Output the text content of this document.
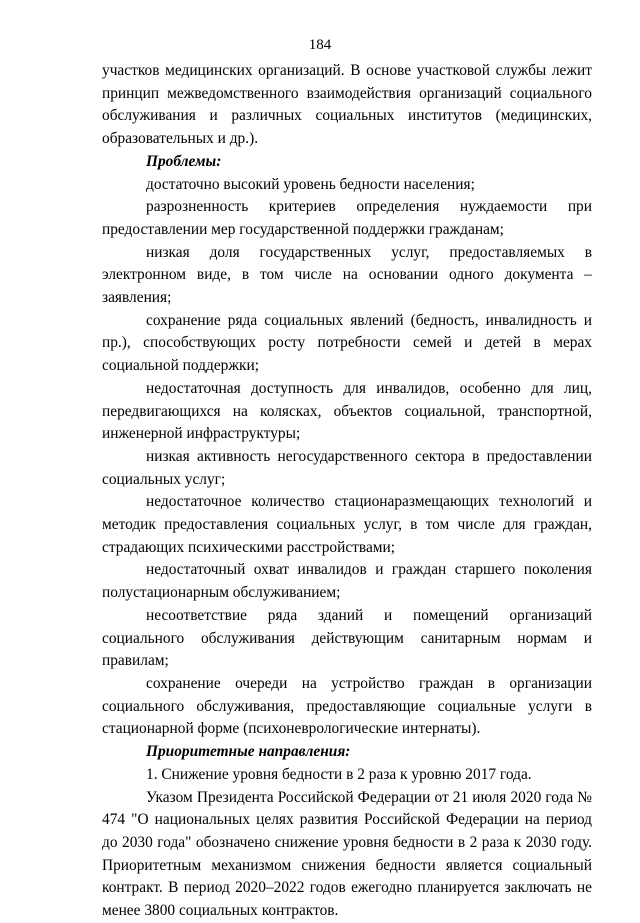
184

участков медицинских организаций. В основе участковой службы лежит принцип межведомственного взаимодействия организаций социального обслуживания и различных социальных институтов (медицинских, образовательных и др.).

Проблемы:

достаточно высокий уровень бедности населения;

разрозненность критериев определения нуждаемости при предоставлении мер государственной поддержки гражданам;

низкая доля государственных услуг, предоставляемых в электронном виде, в том числе на основании одного документа – заявления;

сохранение ряда социальных явлений (бедность, инвалидность и пр.), способствующих росту потребности семей и детей в мерах социальной поддержки;

недостаточная доступность для инвалидов, особенно для лиц, передвигающихся на колясках, объектов социальной, транспортной, инженерной инфраструктуры;

низкая активность негосударственного сектора в предоставлении социальных услуг;

недостаточное количество стационаразмещающих технологий и методик предоставления социальных услуг, в том числе для граждан, страдающих психическими расстройствами;

недостаточный охват инвалидов и граждан старшего поколения полустационарным обслуживанием;

несоответствие ряда зданий и помещений организаций социального обслуживания действующим санитарным нормам и правилам;

сохранение очереди на устройство граждан в организации социального обслуживания, предоставляющие социальные услуги в стационарной форме (психоневрологические интернаты).

Приоритетные направления:

1. Снижение уровня бедности в 2 раза к уровню 2017 года.

Указом Президента Российской Федерации от 21 июля 2020 года № 474 "О национальных целях развития Российской Федерации на период до 2030 года" обозначено снижение уровня бедности в 2 раза к 2030 году. Приоритетным механизмом снижения бедности является социальный контракт. В период 2020–2022 годов ежегодно планируется заключать не менее 3800 социальных контрактов.
